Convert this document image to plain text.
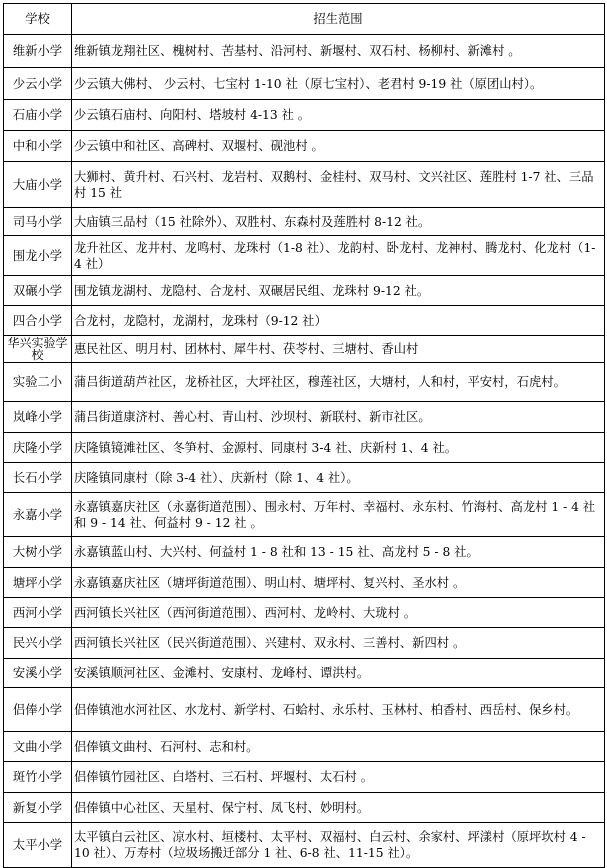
学校	招生范围
维新小学	维新镇龙翔社区、槐树村、苦基村、沿河村、新堰村、双石村、杨柳村、新滩村 。
少云小学	少云镇大佛村、 少云村、七宝村 1-10 社（原七宝村）、老君村 9-19 社（原团山村）。
石庙小学	少云镇石庙村、向阳村、塔坡村 4-13 社 。
中和小学	少云镇中和社区、高碑村、双堰村、砚池村 。
大庙小学	大狮村、黄升村、石兴村、龙岩村、双鹅村、金桂村、双马村、文兴社区、莲胜村 1-7 社、三品村 15 社
司马小学	大庙镇三品村（15 社除外）、双胜村、东森村及莲胜村 8-12 社。
围龙小学	龙升社区、龙井村、龙鸣村、龙珠村（1-8 社）、龙韵村、卧龙村、龙神村、腾龙村、化龙村（1-4 社）
双碾小学	围龙镇龙湖村、龙隐村、合龙村、双碾居民组、龙珠村 9-12 社。
四合小学	合龙村，龙隐村，龙湖村，龙珠村（9-12 社）
华兴实验学校	惠民社区、明月村、团林村、犀牛村、茯苓村、三塘村、香山村
实验二小	蒲吕街道葫芦社区，龙桥社区，大坪社区，穆莲社区，大塘村，人和村，平安村，石虎村。
岚峰小学	蒲吕街道康济村、善心村、青山村、沙坝村、新联村、新市社区。
庆隆小学	庆隆镇镜滩社区、冬笋村、金源村、同康村 3-4 社、庆新村 1、4 社。
长石小学	庆隆镇同康村（除 3-4 社）、庆新村（除 1、4 社）。
永嘉小学	永嘉镇嘉庆社区（永嘉街道范围）、围永村、万年村、幸福村、永东村、竹海村、高龙村 1 - 4 社和 9 - 14 社、何益村 9 - 12 社 。
大树小学	永嘉镇蓝山村、大兴村、何益村 1 - 8 社和 13 - 15 社、高龙村 5 - 8 社。
塘坪小学	永嘉镇嘉庆社区（塘坪街道范围）、明山村、塘坪村、复兴村、圣水村 。
西河小学	西河镇长兴社区（西河街道范围）、西河村、龙岭村、大珑村 。
民兴小学	西河镇长兴社区（民兴街道范围）、兴建村、双永村、三善村、新四村 。
安溪小学	安溪镇顺河社区、金滩村、安康村、龙峰村、谭洪村。
侣俸小学	侣俸镇池水河社区、水龙村、新学村、石蛤村、永乐村、玉林村、柏香村、西岳村、保乡村。
文曲小学	侣俸镇文曲村、石河村、志和村。
斑竹小学	侣俸镇竹园社区、白塔村、三石村、坪堰村、太石村 。
新复小学	侣俸镇中心社区、天星村、保宁村、凤飞村、妙明村。
太平小学	太平镇白云社区、凉水村、垣楼村、太平村、双福村、白云村、余家村、坪漾村（原坪坎村 4 - 10 社）、万寿村（垃圾场搬迁部分 1 社、6-8 社、11-15 社）。
